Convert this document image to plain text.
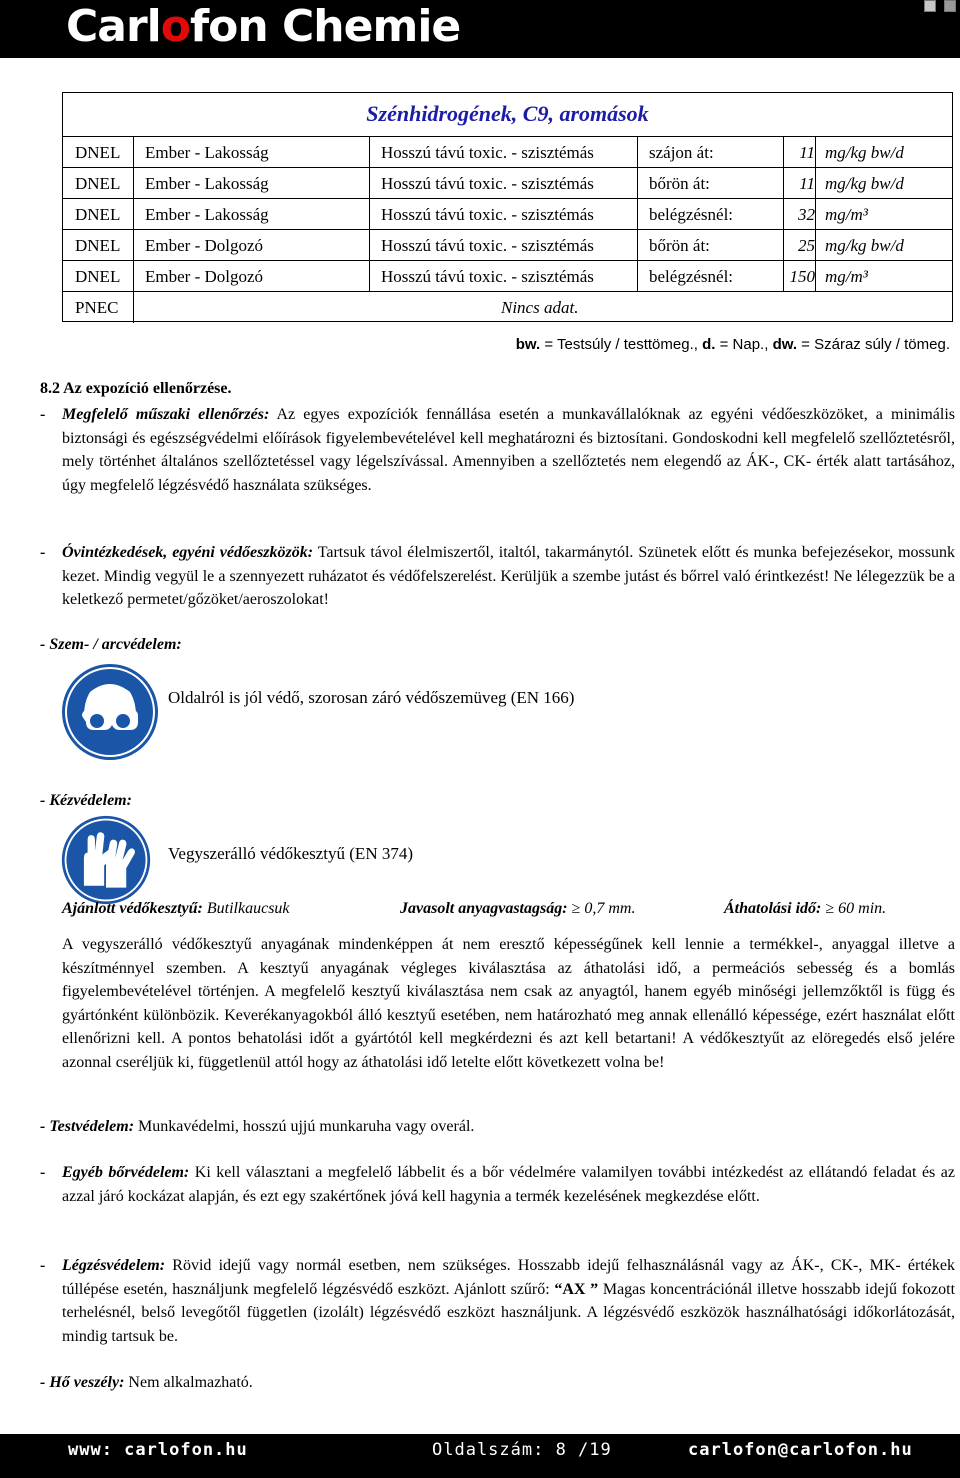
Carlofon Chemie
Szénhidrogének, C9, aromások
DNEL Ember - Lakosság	Hosszú távú toxic. - szisztémás	szájon át:	11 mg/kg bw/d
DNEL Ember - Lakosság	Hosszú távú toxic. - szisztémás	bőrön át:	11 mg/kg bw/d
DNEL Ember - Lakosság	Hosszú távú toxic. - szisztémás	belégzésnél:	32 mg/m³
DNEL Ember - Dolgozó	Hosszú távú toxic. - szisztémás	bőrön át:	25 mg/kg bw/d
DNEL Ember - Dolgozó	Hosszú távú toxic. - szisztémás	belégzésnél:	150 mg/m³
PNEC	Nincs adat.
bw. = Testsúly / testtömeg., d. = Nap., dw. = Száraz súly / tömeg.
8.2 Az expozíció ellenőrzése.
- Megfelelő műszaki ellenőrzés: Az egyes expozíciók fennállása esetén a munkavállalóknak az egyéni védőeszközöket, a minimális biztonsági és egészségvédelmi előírások figyelembevételével kell meghatározni és biztosítani. Gondoskodni kell megfelelő szellőztetésről, mely történhet általános szellőztetéssel vagy légelszívással. Amennyiben a szellőztetés nem elegendő az ÁK-, CK- érték alatt tartásához, úgy megfelelő légzésvédő használata szükséges.
- Óvintézkedések, egyéni védőeszközök: Tartsuk távol élelmiszertől, italtól, takarmánytól. Szünetek előtt és munka befejezésekor, mossunk kezet. Mindig vegyül le a szennyezett ruházatot és védőfelszerelést. Kerüljük a szembe jutást és bőrrel való érintkezést! Ne lélegezzük be a keletkező permetet/gőzöket/aeroszolokat!
- Szem- / arcvédelem:
Oldalról is jól védő, szorosan záró védőszemüveg (EN 166)
- Kézvédelem:
Vegyszerálló védőkesztyű (EN 374)
Ajánlott védőkesztyű: Butilkaucsuk	Javasolt anyagvastagság: ≥ 0,7 mm.	Áthatolási idő: ≥ 60 min.
A vegyszerálló védőkesztyű anyagának mindenképpen át nem eresztő képességűnek kell lennie a termékkel-, anyaggal illetve a készítménnyel szemben. A kesztyű anyagának végleges kiválasztása az áthatolási idő, a permeációs sebesség és a bomlás figyelembevételével történjen. A megfelelő kesztyű kiválasztása nem csak az anyagtól, hanem egyéb minőségi jellemzőktől is függ és gyártónként különbözik. Keverékanyagokból álló kesztyű esetében, nem határozható meg annak ellenálló képessége, ezért használat előtt ellenőrizni kell. A pontos behatolási időt a gyártótól kell megkérdezni és azt kell betartani! A védőkesztyűt az elöregedés első jelére azonnal cseréljük ki, függetlenül attól hogy az áthatolási idő letelte előtt következett volna be!
- Testvédelem: Munkavédelmi, hosszú ujjú munkaruha vagy overál.
- Egyéb bőrvédelem: Ki kell választani a megfelelő lábbelit és a bőr védelmére valamilyen további intézkedést az ellátandó feladat és az azzal járó kockázat alapján, és ezt egy szakértőnek jóvá kell hagynia a termék kezelésének megkezdése előtt.
- Légzésvédelem: Rövid idejű vagy normál esetben, nem szükséges. Hosszabb idejű felhasználásnál vagy az ÁK-, CK-, MK- értékek túllépése esetén, használjunk megfelelő légzésvédő eszközt. Ajánlott szűrő: “AX ” Magas koncentrációnál illetve hosszabb idejű fokozott terhelésnél, belső levegőtől független (izolált) légzésvédő eszközt használjunk. A légzésvédő eszközök használhatósági időkorlátozását, mindig tartsuk be.
- Hő veszély: Nem alkalmazható.
www: carlofon.hu	Oldalszám: 8 /19	carlofon@carlofon.hu
